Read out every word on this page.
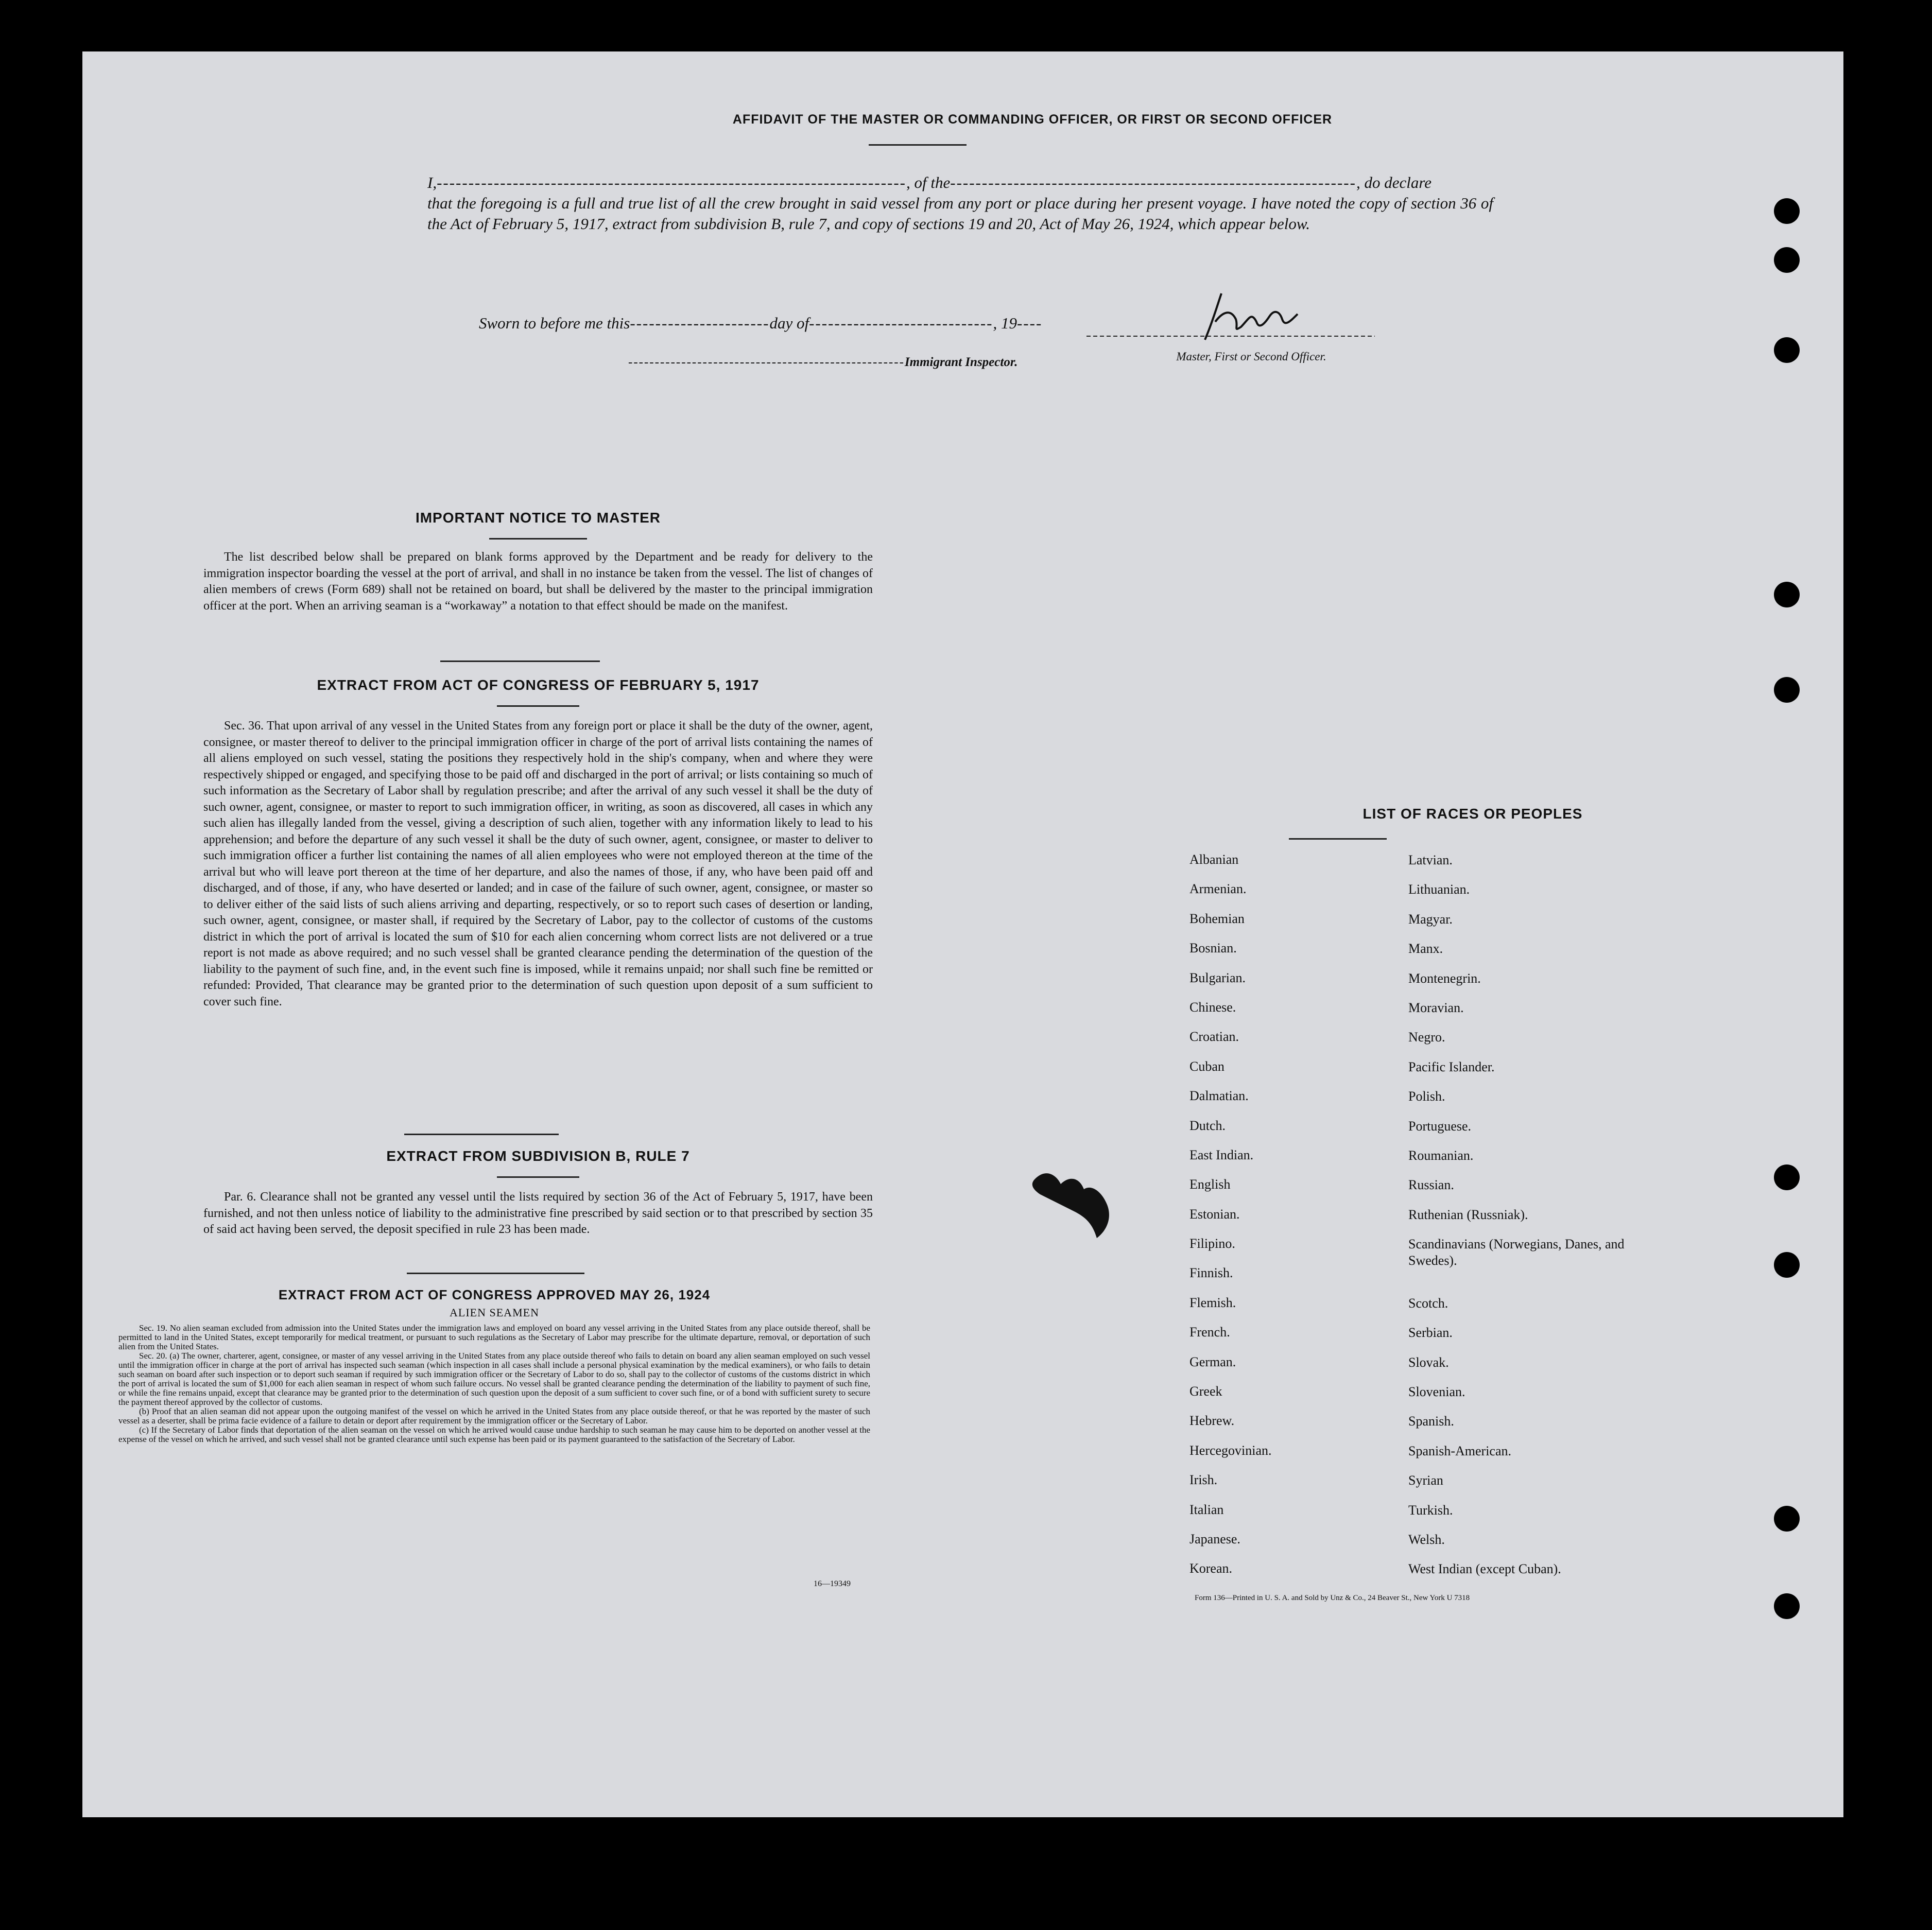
AFFIDAVIT OF THE MASTER OR COMMANDING OFFICER, OR FIRST OR SECOND OFFICER
I,--------------------------------------------------------------------------, of the----------------------------------------------------------------, do declare
that the foregoing is a full and true list of all the crew brought in said vessel from any port or place during her present voyage. I have noted the copy of section 36 of the Act of February 5, 1917, extract from subdivision B, rule 7, and copy of sections 19 and 20, Act of May 26, 1924, which appear below.
Master, First or Second Officer.
Sworn to before me this----------------------day of-----------------------------, 19----
----------------------------------------------------Immigrant Inspector.
IMPORTANT NOTICE TO MASTER

The list described below shall be prepared on blank forms approved by the Department and be ready for delivery to the immigration inspector boarding the vessel at the port of arrival, and shall in no instance be taken from the vessel. The list of changes of alien members of crews (Form 689) shall not be retained on board, but shall be delivered by the master to the principal immigration officer at the port. When an arriving seaman is a “workaway” a notation to that effect should be made on the manifest.

EXTRACT FROM ACT OF CONGRESS OF FEBRUARY 5, 1917

Sec. 36. That upon arrival of any vessel in the United States from any foreign port or place it shall be the duty of the owner, agent, consignee, or master thereof to deliver to the principal immigration officer in charge of the port of arrival lists containing the names of all aliens employed on such vessel, stating the positions they respectively hold in the ship's company, when and where they were respectively shipped or engaged, and specifying those to be paid off and discharged in the port of arrival; or lists containing so much of such information as the Secretary of Labor shall by regulation prescribe; and after the arrival of any such vessel it shall be the duty of such owner, agent, consignee, or master to report to such immigration officer, in writing, as soon as discovered, all cases in which any such alien has illegally landed from the vessel, giving a description of such alien, together with any information likely to lead to his apprehension; and before the departure of any such vessel it shall be the duty of such owner, agent, consignee, or master to deliver to such immigration officer a further list containing the names of all alien employees who were not employed thereon at the time of the arrival but who will leave port thereon at the time of her departure, and also the names of those, if any, who have been paid off and discharged, and of those, if any, who have deserted or landed; and in case of the failure of such owner, agent, consignee, or master so to deliver either of the said lists of such aliens arriving and departing, respectively, or so to report such cases of desertion or landing, such owner, agent, consignee, or master shall, if required by the Secretary of Labor, pay to the collector of customs of the customs district in which the port of arrival is located the sum of $10 for each alien concerning whom correct lists are not delivered or a true report is not made as above required; and no such vessel shall be granted clearance pending the determination of the question of the liability to the payment of such fine, and, in the event such fine is imposed, while it remains unpaid; nor shall such fine be remitted or refunded: Provided, That clearance may be granted prior to the determination of such question upon deposit of a sum sufficient to cover such fine.

EXTRACT FROM SUBDIVISION B, RULE 7

Par. 6. Clearance shall not be granted any vessel until the lists required by section 36 of the Act of February 5, 1917, have been furnished, and not then unless notice of liability to the administrative fine prescribed by said section or to that prescribed by section 35 of said act having been served, the deposit specified in rule 23 has been made.

EXTRACT FROM ACT OF CONGRESS APPROVED MAY 26, 1924
ALIEN SEAMEN

Sec. 19. No alien seaman excluded from admission into the United States under the immigration laws and employed on board any vessel arriving in the United States from any place outside thereof, shall be permitted to land in the United States, except temporarily for medical treatment, or pursuant to such regulations as the Secretary of Labor may prescribe for the ultimate departure, removal, or deportation of such alien from the United States.

Sec. 20. (a) The owner, charterer, agent, consignee, or master of any vessel arriving in the United States from any place outside thereof who fails to detain on board any alien seaman employed on such vessel until the immigration officer in charge at the port of arrival has inspected such seaman (which inspection in all cases shall include a personal physical examination by the medical examiners), or who fails to detain such seaman on board after such inspection or to deport such seaman if required by such immigration officer or the Secretary of Labor to do so, shall pay to the collector of customs of the customs district in which the port of arrival is located the sum of $1,000 for each alien seaman in respect of whom such failure occurs. No vessel shall be granted clearance pending the determination of the liability to payment of such fine, or while the fine remains unpaid, except that clearance may be granted prior to the determination of such question upon the deposit of a sum sufficient to cover such fine, or of a bond with sufficient surety to secure the payment thereof approved by the collector of customs.

(b) Proof that an alien seaman did not appear upon the outgoing manifest of the vessel on which he arrived in the United States from any place outside thereof, or that he was reported by the master of such vessel as a deserter, shall be prima facie evidence of a failure to detain or deport after requirement by the immigration officer or the Secretary of Labor.

(c) If the Secretary of Labor finds that deportation of the alien seaman on the vessel on which he arrived would cause undue hardship to such seaman he may cause him to be deported on another vessel at the expense of the vessel on which he arrived, and such vessel shall not be granted clearance until such expense has been paid or its payment guaranteed to the satisfaction of the Secretary of Labor.

16—19349
LIST OF RACES OR PEOPLES
Albanian	Latvian.
Armenian.	Lithuanian.
Bohemian	Magyar.
Bosnian.	Manx.
Bulgarian.	Montenegrin.
Chinese.	Moravian.
Croatian.	Negro.
Cuban	Pacific Islander.
Dalmatian.	Polish.
Dutch.	Portuguese.
East Indian.	Roumanian.
English	Russian.
Estonian.	Ruthenian (Russniak).
Filipino.	Scandinavians (Norwegians, Danes, and Swedes).
Finnish.
Flemish.	Scotch.
French.	Serbian.
German.	Slovak.
Greek	Slovenian.
Hebrew.	Spanish.
Hercegovinian.	Spanish-American.
Irish.	Syrian
Italian	Turkish.
Japanese.	Welsh.
Korean.	West Indian (except Cuban).
Form 136—Printed in U. S. A. and Sold by Unz & Co., 24 Beaver St., New York U 7318
